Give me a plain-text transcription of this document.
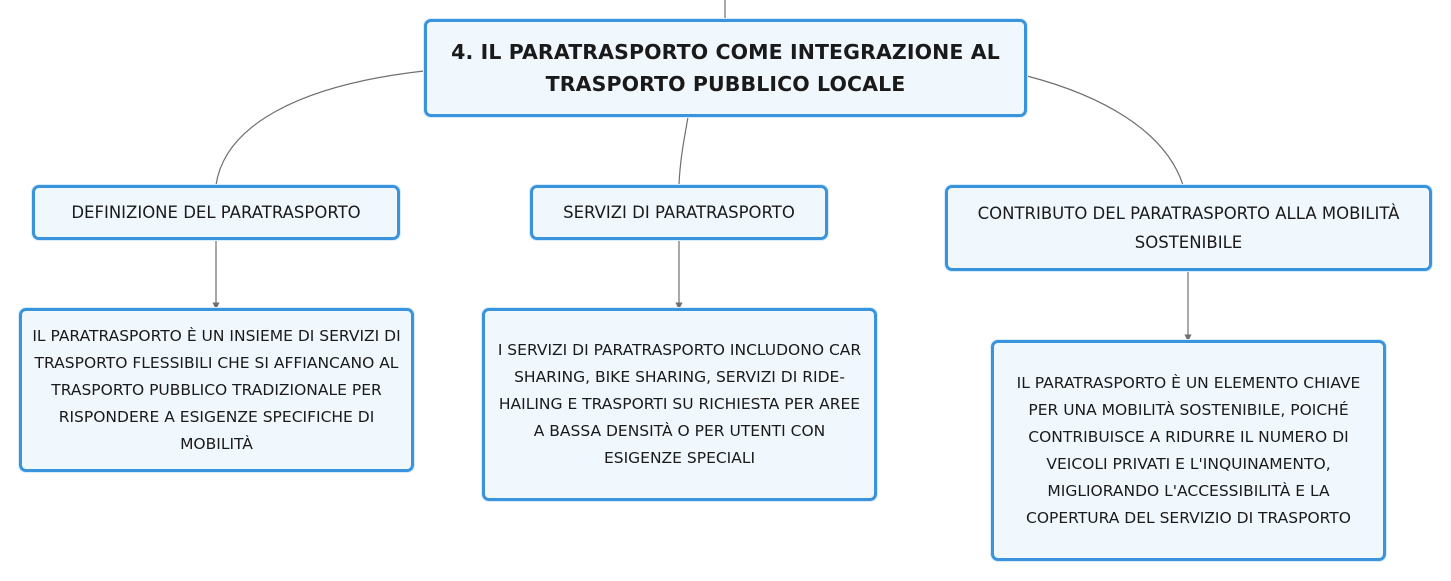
4. IL PARATRASPORTO COME INTEGRAZIONE AL TRASPORTO PUBBLICO LOCALE
DEFINIZIONE DEL PARATRASPORTO	SERVIZI DI PARATRASPORTO	CONTRIBUTO DEL PARATRASPORTO ALLA MOBILITÀ SOSTENIBILE
IL PARATRASPORTO È UN INSIEME DI SERVIZI DI TRASPORTO FLESSIBILI CHE SI AFFIANCANO AL TRASPORTO PUBBLICO TRADIZIONALE PER RISPONDERE A ESIGENZE SPECIFICHE DI MOBILITÀ
I SERVIZI DI PARATRASPORTO INCLUDONO CAR SHARING, BIKE SHARING, SERVIZI DI RIDE-HAILING E TRASPORTI SU RICHIESTA PER AREE A BASSA DENSITÀ O PER UTENTI CON ESIGENZE SPECIALI
IL PARATRASPORTO È UN ELEMENTO CHIAVE PER UNA MOBILITÀ SOSTENIBILE, POICHÉ CONTRIBUISCE A RIDURRE IL NUMERO DI VEICOLI PRIVATI E L'INQUINAMENTO, MIGLIORANDO L'ACCESSIBILITÀ E LA COPERTURA DEL SERVIZIO DI TRASPORTO
